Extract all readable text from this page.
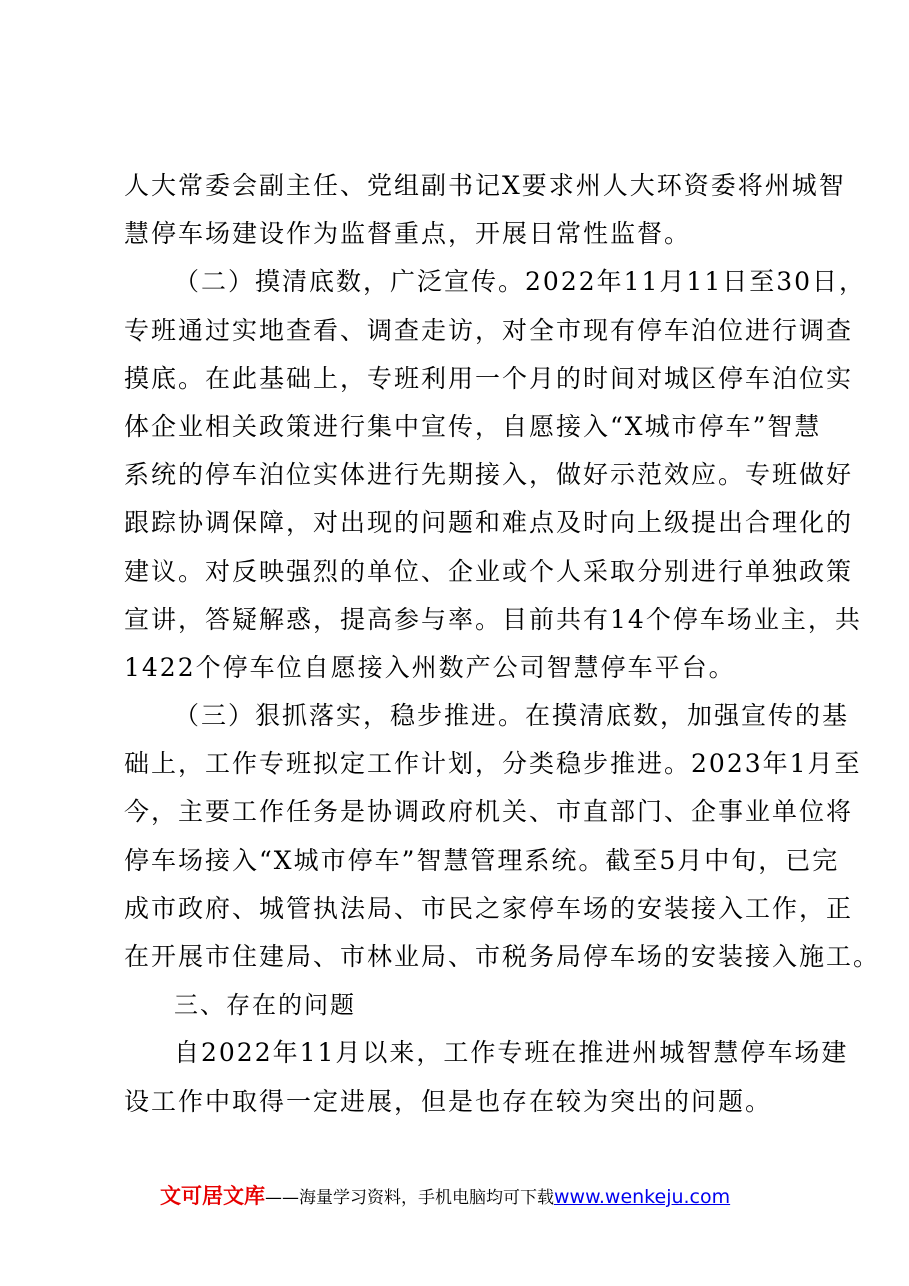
人大常委会副主任、党组副书记X要求州人大环资委将州城智
慧停车场建设作为监督重点，开展日常性监督。
（二）摸清底数，广泛宣传。2022年11月11日至30日，
专班通过实地查看、调查走访，对全市现有停车泊位进行调查
摸底。在此基础上，专班利用一个月的时间对城区停车泊位实
体企业相关政策进行集中宣传，自愿接入“X城市停车”智慧
系统的停车泊位实体进行先期接入，做好示范效应。专班做好
跟踪协调保障，对出现的问题和难点及时向上级提出合理化的
建议。对反映强烈的单位、企业或个人采取分别进行单独政策
宣讲，答疑解惑，提高参与率。目前共有14个停车场业主，共
1422个停车位自愿接入州数产公司智慧停车平台。
（三）狠抓落实，稳步推进。在摸清底数，加强宣传的基
础上，工作专班拟定工作计划，分类稳步推进。2023年1月至
今，主要工作任务是协调政府机关、市直部门、企事业单位将
停车场接入“X城市停车”智慧管理系统。截至5月中旬，已完
成市政府、城管执法局、市民之家停车场的安装接入工作，正
在开展市住建局、市林业局、市税务局停车场的安装接入施工。
三、存在的问题
自2022年11月以来，工作专班在推进州城智慧停车场建
设工作中取得一定进展，但是也存在较为突出的问题。
文可居文库——海量学习资料，手机电脑均可下载www.wenkeju.com
